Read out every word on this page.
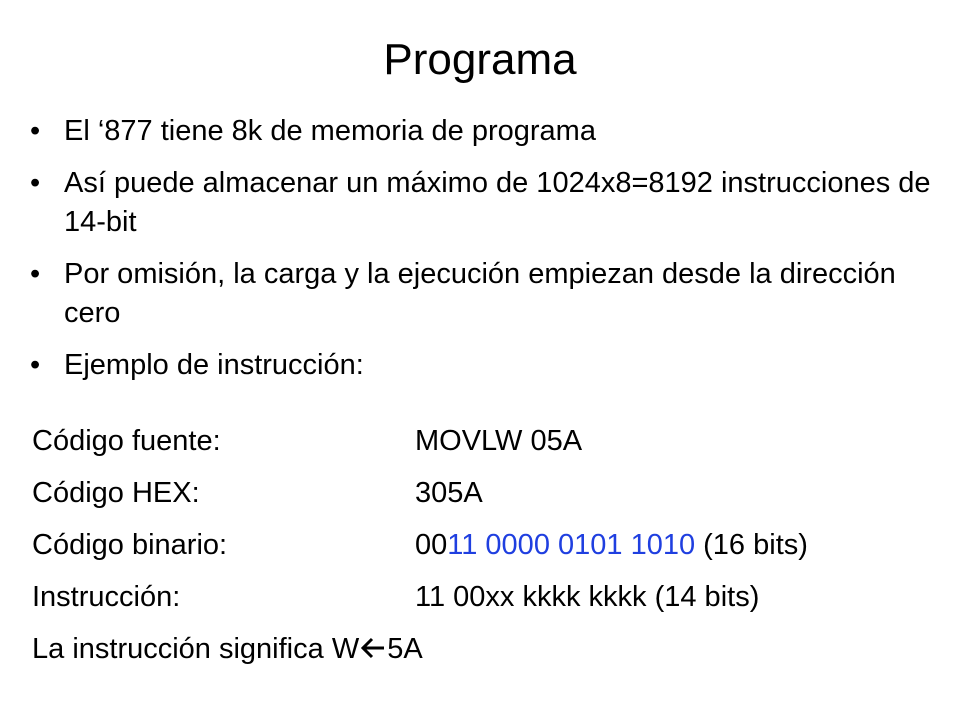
Programa
• El ‘877 tiene 8k de memoria de programa
• Así puede almacenar un máximo de 1024x8=8192 instrucciones de 14-bit
• Por omisión, la carga y la ejecución empiezan desde la dirección cero
• Ejemplo de instrucción:
Código fuente:	MOVLW 05A
Código HEX:	305A
Código binario:	0011 0000 0101 1010 (16 bits)
Instrucción:	11 00xx kkkk kkkk (14 bits)
La instrucción significa W 5A
